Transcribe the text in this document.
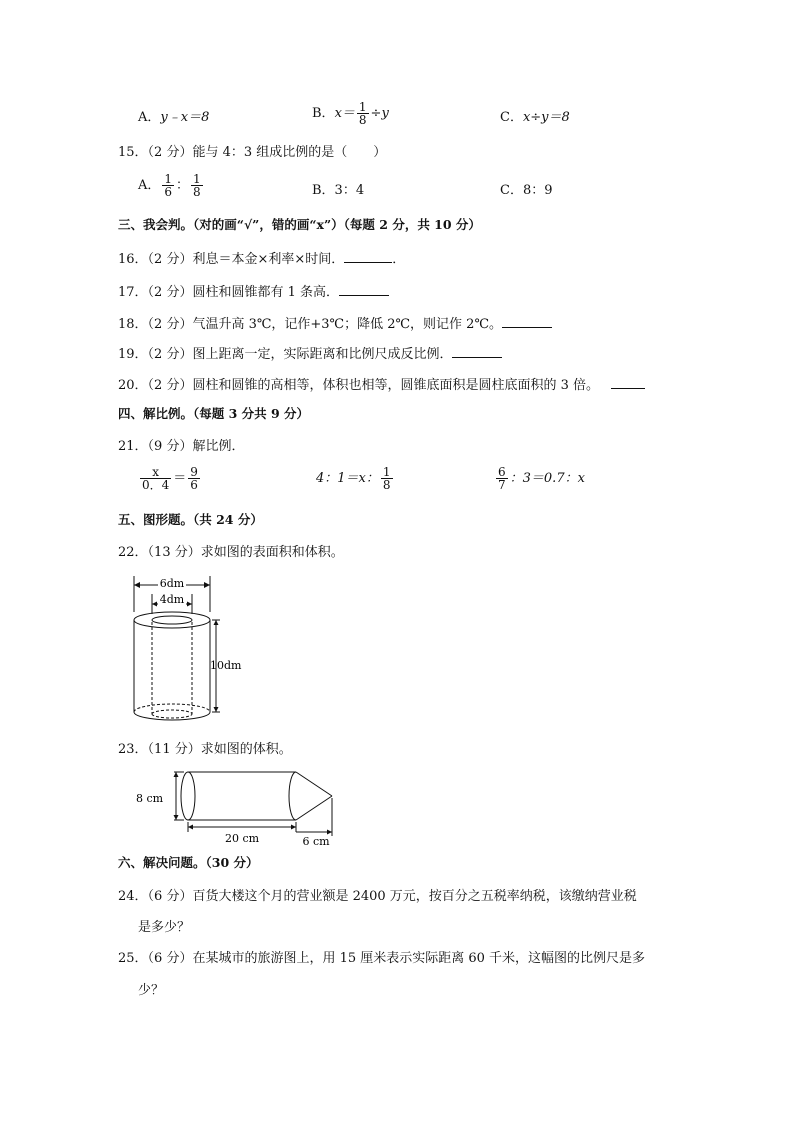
A．y﹣x＝8	B．$x= \frac{1}{8} \div y$	C．x÷y＝8
15．（2 分）能与 4：3 组成比例的是（　　）
A． $\frac{1}{6}$ ： $\frac{1}{8}$	B．3：4	C．8：9
三、我会判。（对的画“√”，错的画“x”）（每题 2 分，共 10 分）
16．（2 分）利息＝本金×利率×时间．	．
17．（2 分）圆柱和圆锥都有 1 条高．
18．（2 分）气温升高 3℃，记作+3℃；降低 2℃，则记作 2℃。
19．（2 分）图上距离一定，实际距离和比例尺成反比例．
20．（2 分）圆柱和圆锥的高相等，体积也相等，圆锥底面积是圆柱底面积的 3 倍。
四、解比例。（每题 3 分共 9 分）
21．（9 分）解比例．
$\frac{x}{0.4} = \frac{9}{6}$	4：1＝x： $\frac{1}{8}$	$\frac{6}{7}$ ：3＝0.7：x
五、图形题。（共 24 分）
22．（13 分）求如图的表面积和体积。
6dm
4dm
10dm
23．（11 分）求如图的体积。
8 cm
20 cm	6 cm
六、解决问题。（30 分）
24．（6 分）百货大楼这个月的营业额是 2400 万元，按百分之五税率纳税，该缴纳营业税
是多少？
25．（6 分）在某城市的旅游图上，用 15 厘米表示实际距离 60 千米，这幅图的比例尺是多
少？
